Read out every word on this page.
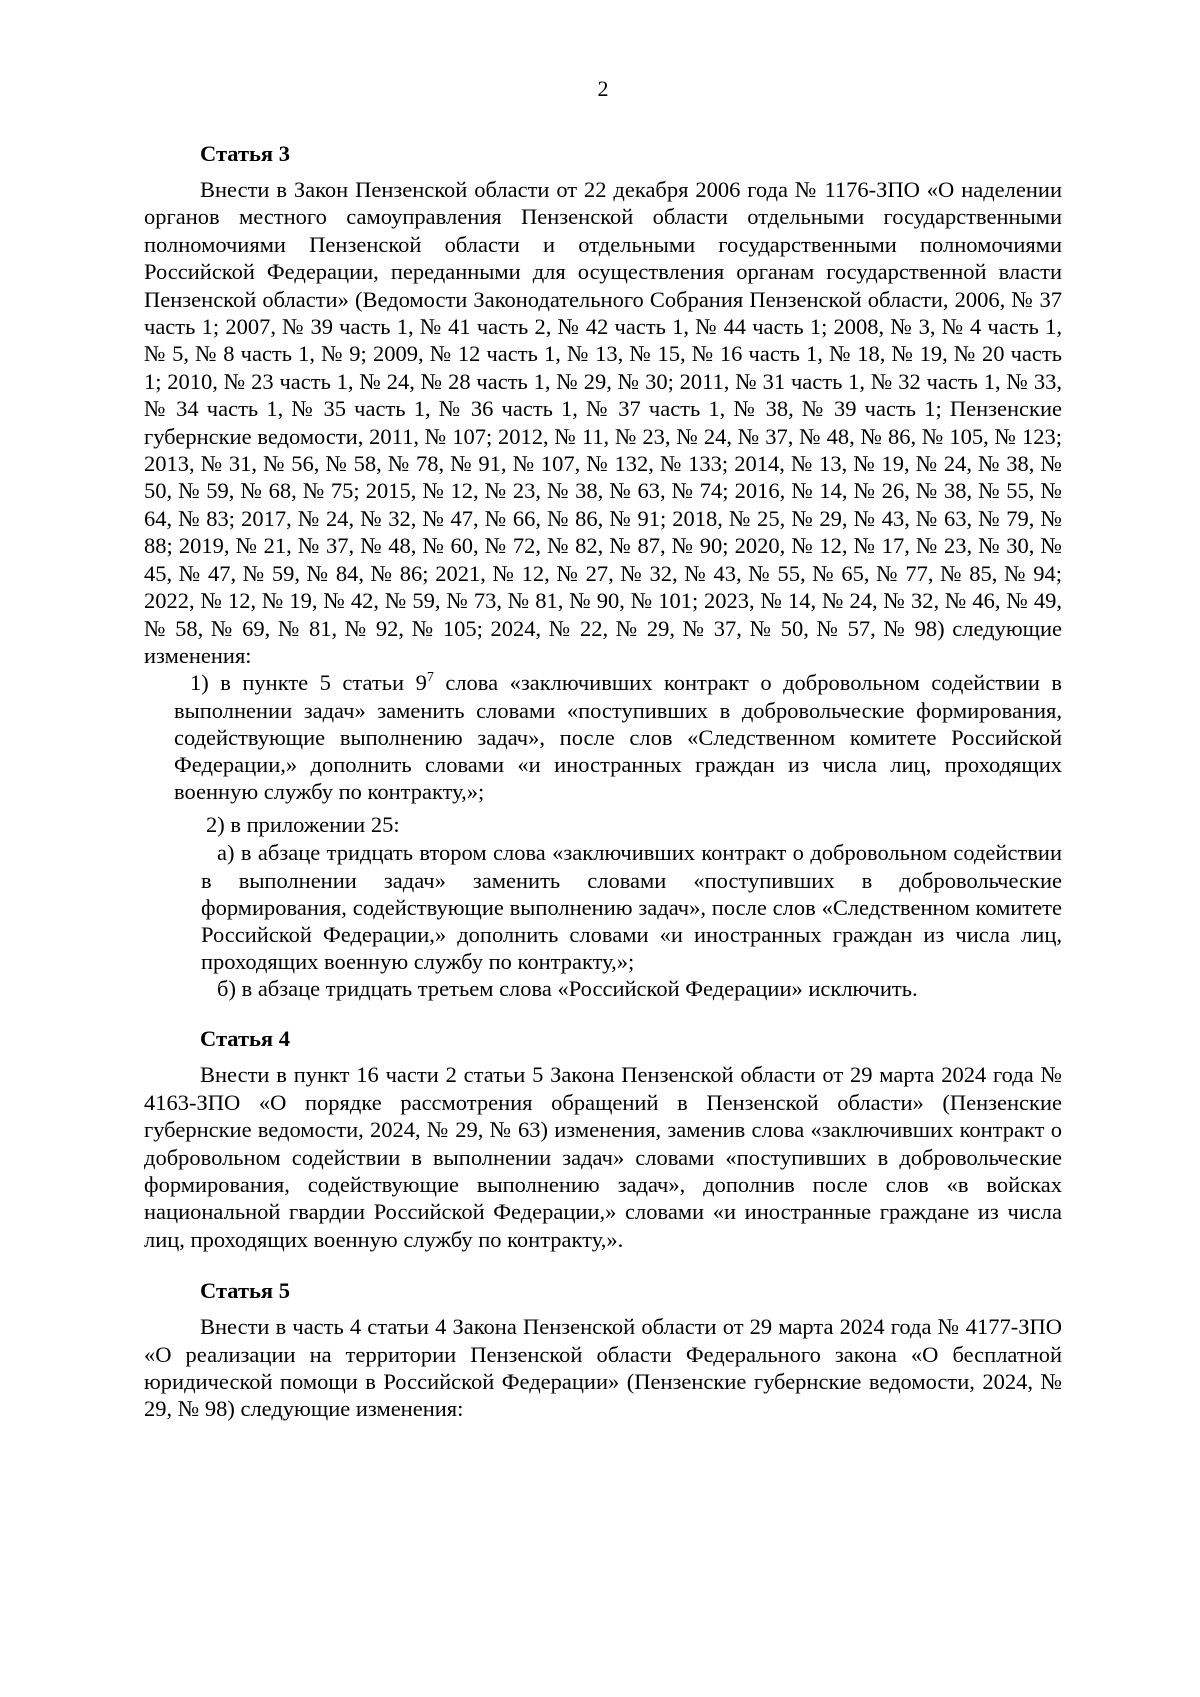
2
Статья 3

Внести в Закон Пензенской области от 22 декабря 2006 года № 1176-ЗПО «О наделении органов местного самоуправления Пензенской области отдельными государственными полномочиями Пензенской области и отдельными государственными полномочиями Российской Федерации, переданными для осуществления органам государственной власти Пензенской области» (Ведомости Законодательного Собрания Пензенской области, 2006, № 37 часть 1; 2007, № 39 часть 1, № 41 часть 2, № 42 часть 1, № 44 часть 1; 2008, № 3, № 4 часть 1, № 5, № 8 часть 1, № 9; 2009, № 12 часть 1, № 13, № 15, № 16 часть 1, № 18, № 19, № 20 часть 1; 2010, № 23 часть 1, № 24, № 28 часть 1, № 29, № 30; 2011, № 31 часть 1, № 32 часть 1, № 33, № 34 часть 1, № 35 часть 1, № 36 часть 1, № 37 часть 1, № 38, № 39 часть 1; Пензенские губернские ведомости, 2011, № 107; 2012, № 11, № 23, № 24, № 37, № 48, № 86, № 105, № 123; 2013, № 31, № 56, № 58, № 78, № 91, № 107, № 132, № 133; 2014, № 13, № 19, № 24, № 38, № 50, № 59, № 68, № 75; 2015, № 12, № 23, № 38, № 63, № 74; 2016, № 14, № 26, № 38, № 55, № 64, № 83; 2017, № 24, № 32, № 47, № 66, № 86, № 91; 2018, № 25, № 29, № 43, № 63, № 79, № 88; 2019, № 21, № 37, № 48, № 60, № 72, № 82, № 87, № 90; 2020, № 12, № 17, № 23, № 30, № 45, № 47, № 59, № 84, № 86; 2021, № 12, № 27, № 32, № 43, № 55, № 65, № 77, № 85, № 94; 2022, № 12, № 19, № 42, № 59, № 73, № 81, № 90, № 101; 2023, № 14, № 24, № 32, № 46, № 49, № 58, № 69, № 81, № 92, № 105; 2024, № 22, № 29, № 37, № 50, № 57, № 98) следующие изменения:

1) в пункте 5 статьи $9^7$ слова «заключивших контракт о добровольном содействии в выполнении задач» заменить словами «поступивших в добровольческие формирования, содействующие выполнению задач», после слов «Следственном комитете Российской Федерации,» дополнить словами «и иностранных граждан из числа лиц, проходящих военную службу по контракту,»;

2) в приложении 25:

а) в абзаце тридцать втором слова «заключивших контракт о добровольном содействии в выполнении задач» заменить словами «поступивших в добровольческие формирования, содействующие выполнению задач», после слов «Следственном комитете Российской Федерации,» дополнить словами «и иностранных граждан из числа лиц, проходящих военную службу по контракту,»;

б) в абзаце тридцать третьем слова «Российской Федерации» исключить.

Статья 4

Внести в пункт 16 части 2 статьи 5 Закона Пензенской области от 29 марта 2024 года № 4163-ЗПО «О порядке рассмотрения обращений в Пензенской области» (Пензенские губернские ведомости, 2024, № 29, № 63) изменения, заменив слова «заключивших контракт о добровольном содействии в выполнении задач» словами «поступивших в добровольческие формирования, содействующие выполнению задач», дополнив после слов «в войсках национальной гвардии Российской Федерации,» словами «и иностранные граждане из числа лиц, проходящих военную службу по контракту,».

Статья 5

Внести в часть 4 статьи 4 Закона Пензенской области от 29 марта 2024 года № 4177-ЗПО «О реализации на территории Пензенской области Федерального закона «О бесплатной юридической помощи в Российской Федерации» (Пензенские губернские ведомости, 2024, № 29, № 98) следующие изменения:
